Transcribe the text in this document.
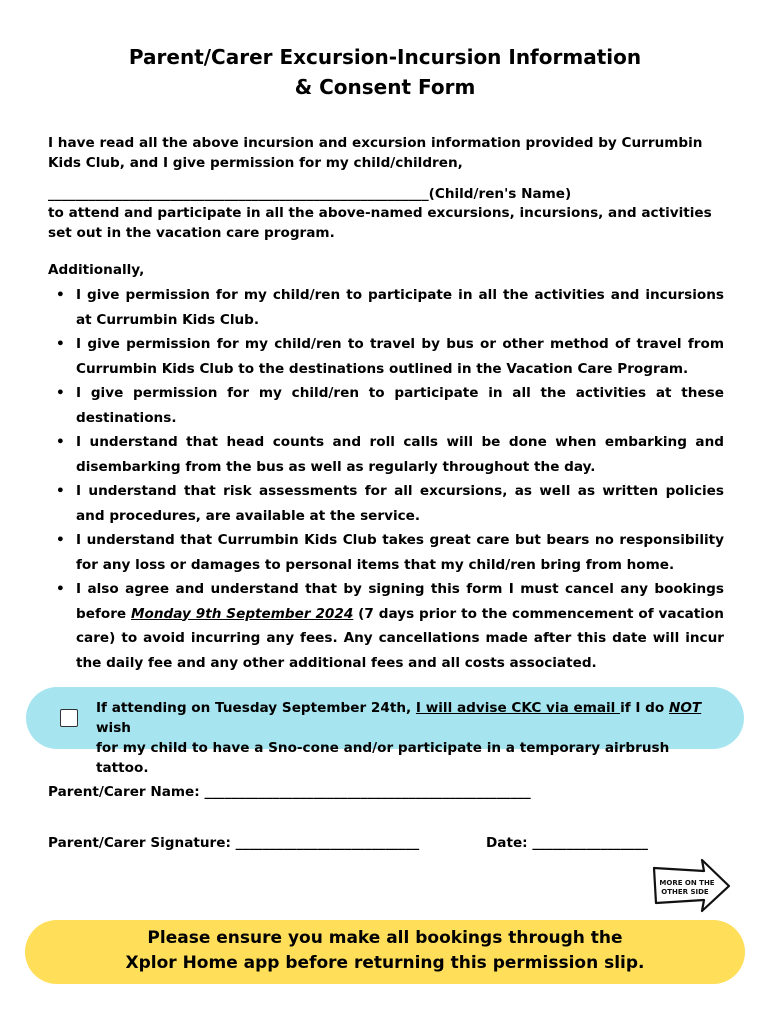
Parent/Carer Excursion-Incursion Information
& Consent Form
I have read all the above incursion and excursion information provided by Currumbin
Kids Club, and I give permission for my child/children,
________________________________________________________(Child/ren's Name)
to attend and participate in all the above-named excursions, incursions, and activities
set out in the vacation care program.
Additionally,
• I give permission for my child/ren to participate in all the activities and incursions at Currumbin Kids Club.
• I give permission for my child/ren to travel by bus or other method of travel from Currumbin Kids Club to the destinations outlined in the Vacation Care Program.
• I give permission for my child/ren to participate in all the activities at these destinations.
• I understand that head counts and roll calls will be done when embarking and disembarking from the bus as well as regularly throughout the day.
• I understand that risk assessments for all excursions, as well as written policies and procedures, are available at the service.
• I understand that Currumbin Kids Club takes great care but bears no responsibility for any loss or damages to personal items that my child/ren bring from home.
• I also agree and understand that by signing this form I must cancel any bookings before Monday 9th September 2024 (7 days prior to the commencement of vacation care) to avoid incurring any fees. Any cancellations made after this date will incur the daily fee and any other additional fees and all costs associated.
If attending on Tuesday September 24th, I will advise CKC via email if I do NOT wish
for my child to have a Sno-cone and/or participate in a temporary airbrush tattoo.
Parent/Carer Name: ________________________________________________
Parent/Carer Signature: ___________________________	Date: _________________
MORE ON THE
OTHER SIDE
Please ensure you make all bookings through the
Xplor Home app before returning this permission slip.
